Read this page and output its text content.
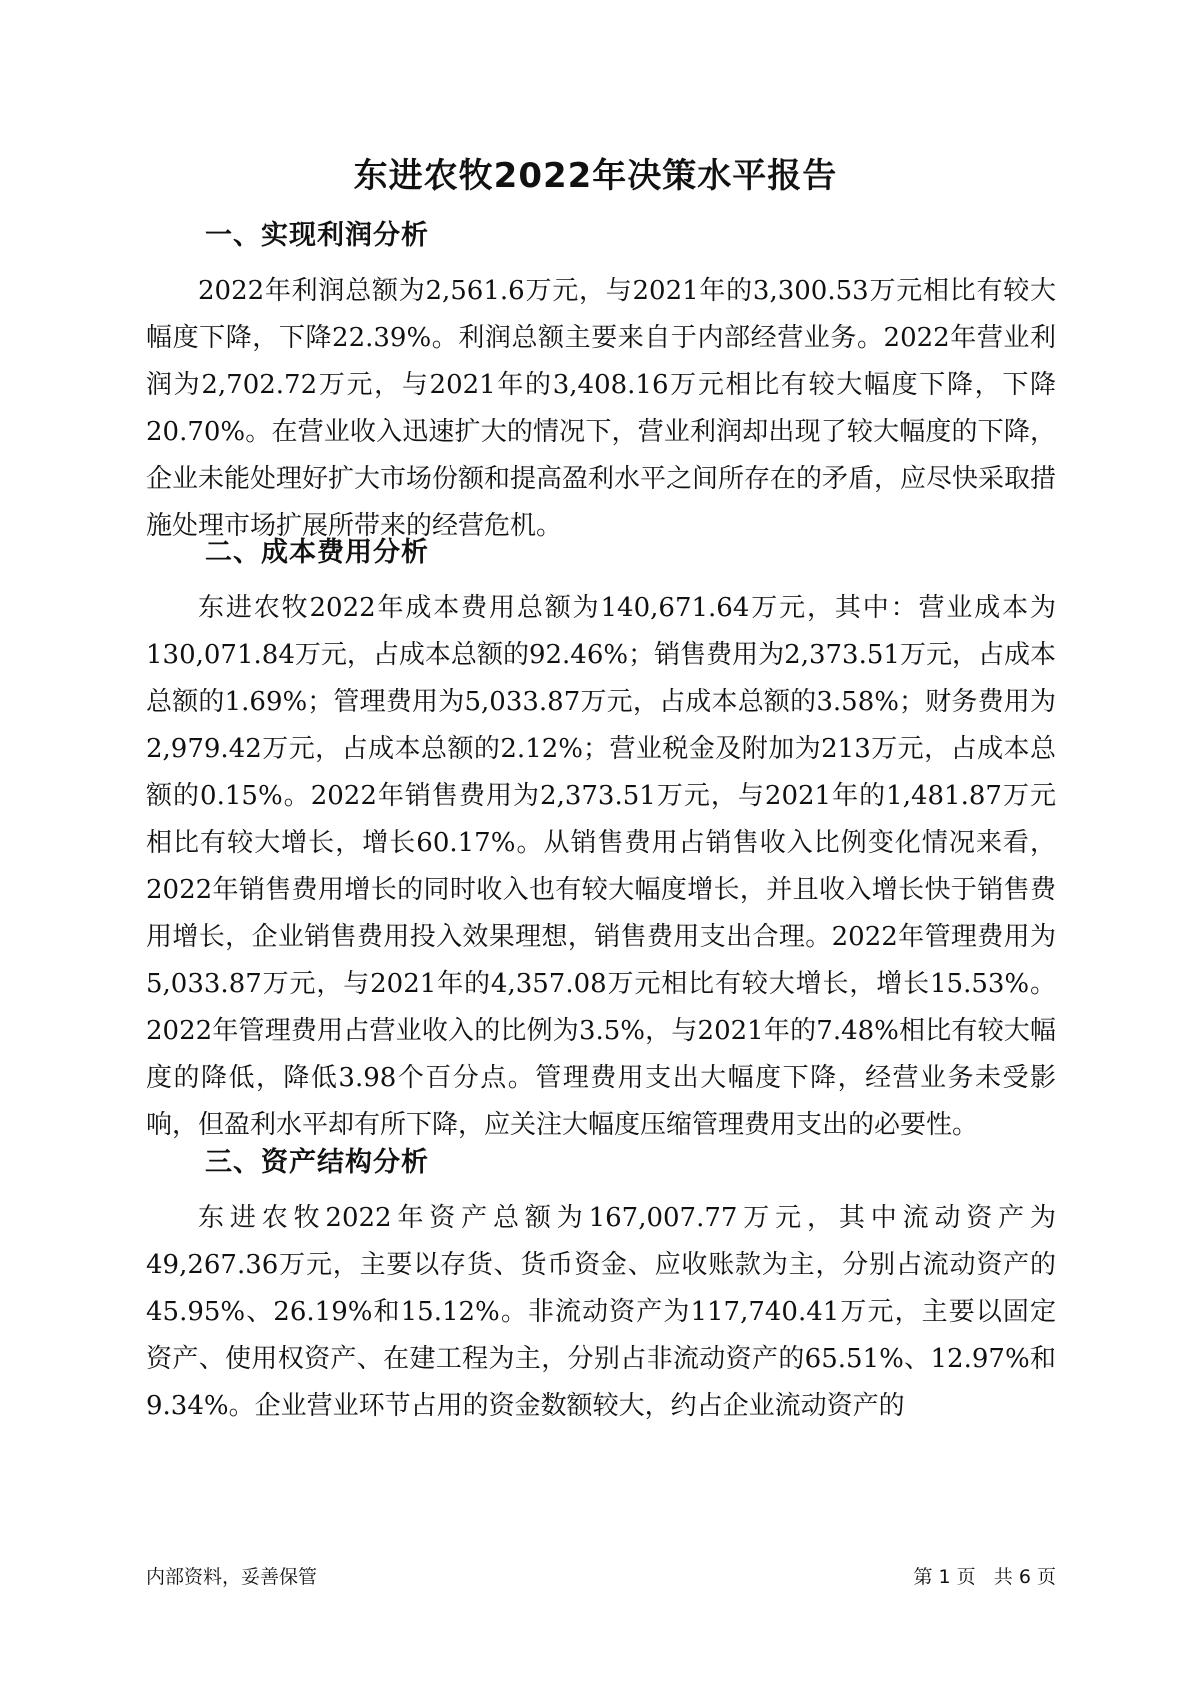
东进农牧2022年决策水平报告
一、实现利润分析

2022年利润总额为2,561.6万元，与2021年的3,300.53万元相比有较大幅度下降，下降22.39%。利润总额主要来自于内部经营业务。2022年营业利润为2,702.72万元，与2021年的3,408.16万元相比有较大幅度下降，下降20.70%。在营业收入迅速扩大的情况下，营业利润却出现了较大幅度的下降，企业未能处理好扩大市场份额和提高盈利水平之间所存在的矛盾，应尽快采取措施处理市场扩展所带来的经营危机。

二、成本费用分析

东进农牧2022年成本费用总额为140,671.64万元，其中：营业成本为130,071.84万元，占成本总额的92.46%；销售费用为2,373.51万元，占成本总额的1.69%；管理费用为5,033.87万元，占成本总额的3.58%；财务费用为2,979.42万元，占成本总额的2.12%；营业税金及附加为213万元，占成本总额的0.15%。2022年销售费用为2,373.51万元，与2021年的1,481.87万元相比有较大增长，增长60.17%。从销售费用占销售收入比例变化情况来看，2022年销售费用增长的同时收入也有较大幅度增长，并且收入增长快于销售费用增长，企业销售费用投入效果理想，销售费用支出合理。2022年管理费用为5,033.87万元，与2021年的4,357.08万元相比有较大增长，增长15.53%。2022年管理费用占营业收入的比例为3.5%，与2021年的7.48%相比有较大幅度的降低，降低3.98个百分点。管理费用支出大幅度下降，经营业务未受影响，但盈利水平却有所下降，应关注大幅度压缩管理费用支出的必要性。

三、资产结构分析

东进农牧2022年资产总额为167,007.77万元，其中流动资产为49,267.36万元，主要以存货、货币资金、应收账款为主，分别占流动资产的45.95%、26.19%和15.12%。非流动资产为117,740.41万元，主要以固定资产、使用权资产、在建工程为主，分别占非流动资产的65.51%、12.97%和9.34%。企业营业环节占用的资金数额较大，约占企业流动资产的

内部资料，妥善保管	第 1 页   共 6 页
